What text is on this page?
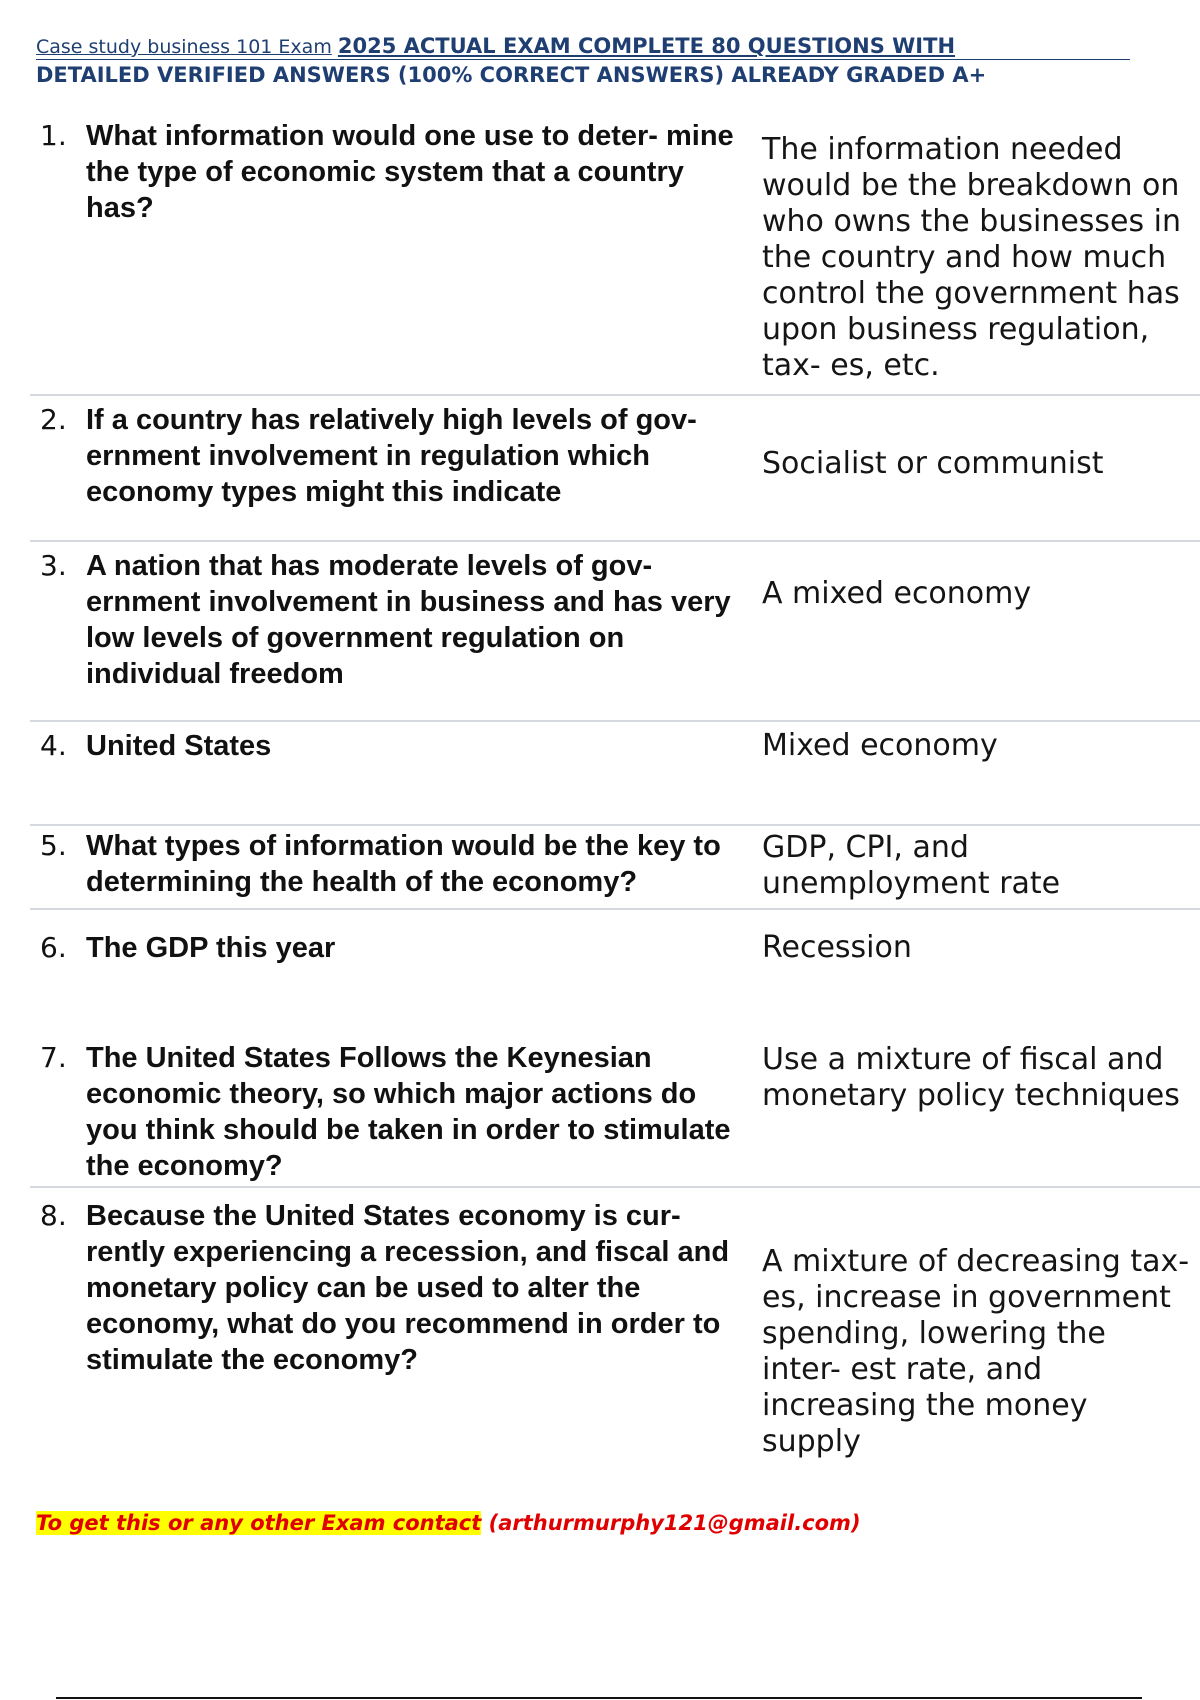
Case study business 101 Exam 2025 ACTUAL EXAM COMPLETE 80 QUESTIONS WITH
DETAILED VERIFIED ANSWERS (100% CORRECT ANSWERS) ALREADY GRADED A+
1. What information would one use to deter- mine the type of economic system that a country has?
The information needed would be the breakdown on who owns the businesses in the country and how much control the government has upon business regulation, tax- es, etc.
2. If a country has relatively high levels of gov- ernment involvement in regulation which economy types might this indicate
Socialist or communist
3. A nation that has moderate levels of gov- ernment involvement in business and has very low levels of government regulation on individual freedom
A mixed economy
4. United States	Mixed economy
5. What types of information would be the key to determining the health of the economy?
GDP, CPI, and unemployment rate
6. The GDP this year	Recession
7. The United States Follows the Keynesian economic theory, so which major actions do you think should be taken in order to stimulate the economy?
Use a mixture of fiscal and monetary policy techniques
8. Because the United States economy is cur- rently experiencing a recession, and fiscal and monetary policy can be used to alter the economy, what do you recommend in order to stimulate the economy?
A mixture of decreasing tax- es, increase in government spending, lowering the inter- est rate, and increasing the money supply
To get this or any other Exam contact (arthurmurphy121@gmail.com)
